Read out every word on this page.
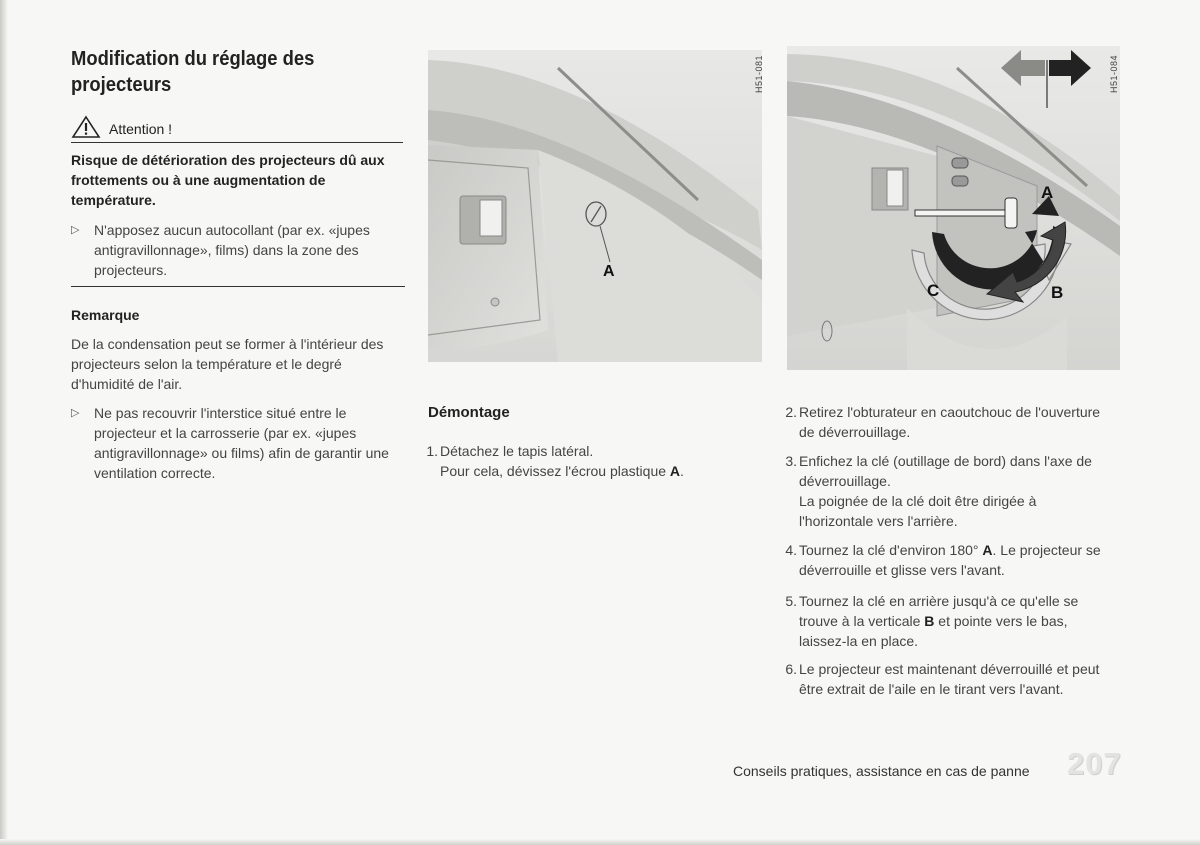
Modification du réglage des projecteurs
Attention !
Risque de détérioration des projecteurs dû aux frottements ou à une augmentation de température.
▷ N'apposez aucun autocollant (par ex. «jupes antigravillonnage», films) dans la zone des projecteurs.
Remarque
De la condensation peut se former à l'intérieur des projecteurs selon la température et le degré d'humidité de l'air.
▷ Ne pas recouvrir l'interstice situé entre le projecteur et la carrosserie (par ex. «jupes antigravillonnage» ou films) afin de garantir une ventilation correcte.
A
H51-081
A
B
C
H51-084
Démontage
1. Détachez le tapis latéral.
Pour cela, dévissez l'écrou plastique A.
2. Retirez l'obturateur en caoutchouc de l'ouverture de déverrouillage.
3. Enfichez la clé (outillage de bord) dans l'axe de déverrouillage.
La poignée de la clé doit être dirigée à l'horizontale vers l'arrière.
4. Tournez la clé d'environ 180° A. Le projecteur se déverrouille et glisse vers l'avant.
5. Tournez la clé en arrière jusqu'à ce qu'elle se trouve à la verticale B et pointe vers le bas, laissez-la en place.
6. Le projecteur est maintenant déverrouillé et peut être extrait de l'aile en le tirant vers l'avant.
Conseils pratiques, assistance en cas de panne 207
